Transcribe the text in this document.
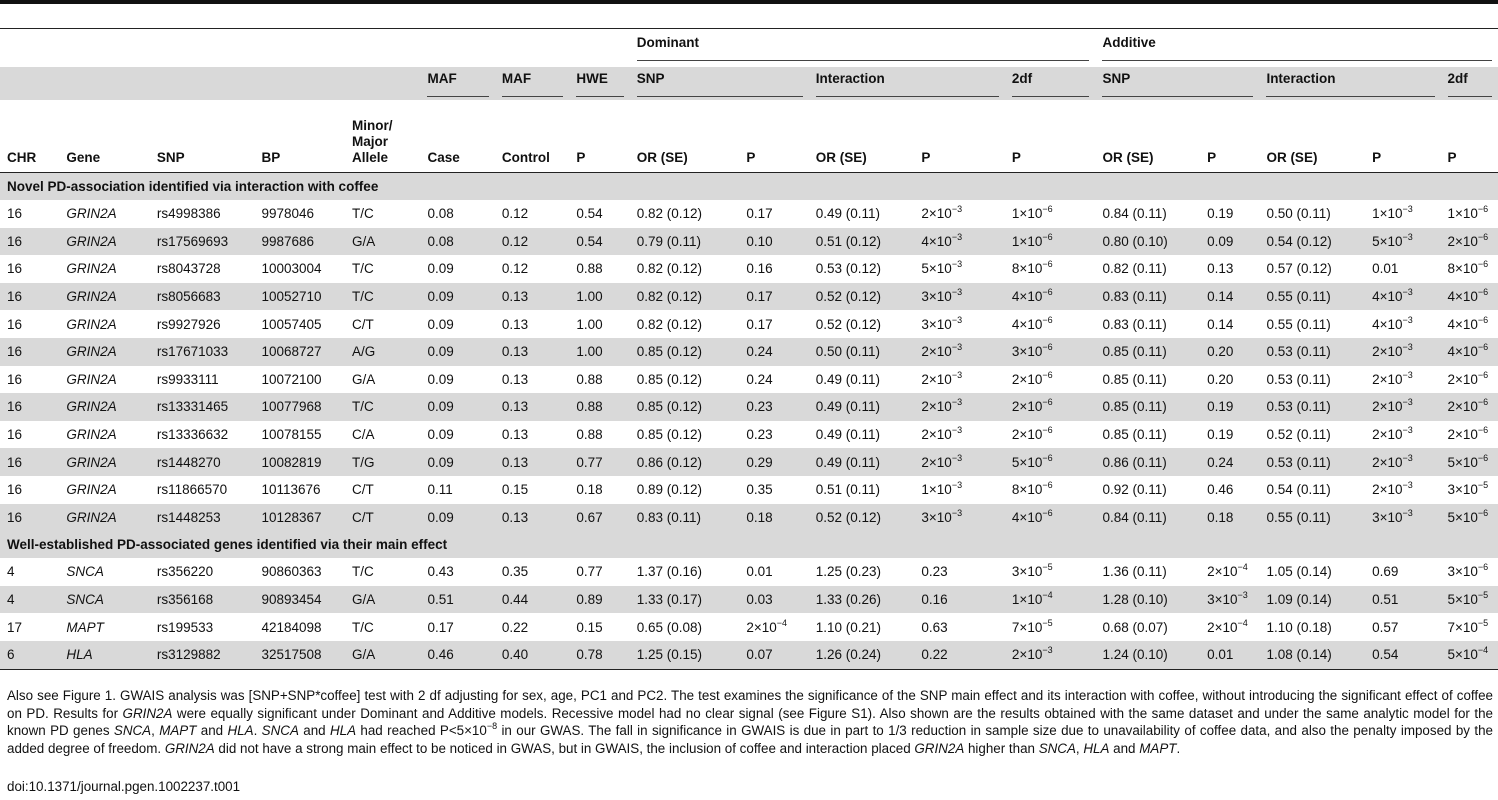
								Dominant					Additive				

					MAF	MAF	HWE	SNP		Interaction		2df	SNP		Interaction		2df

CHR	Gene	SNP	BP	Minor/
Major
Allele	Case	Control	P	OR (SE)	P	OR (SE)	P	P	OR (SE)	P	OR (SE)	P	P
Novel PD-association identified via interaction with coffee																	
16	GRIN2A	rs4998386	9978046	T/C	0.08	0.12	0.54	0.82 (0.12)	0.17	0.49 (0.11)	$2\times 10^{-3}$	$1\times 10^{-6}$	0.84 (0.11)	0.19	0.50 (0.11)	$1\times 10^{-3}$	$1\times 10^{-6}$
16	GRIN2A	rs17569693	9987686	G/A	0.08	0.12	0.54	0.79 (0.11)	0.10	0.51 (0.12)	$4\times 10^{-3}$	$1\times 10^{-6}$	0.80 (0.10)	0.09	0.54 (0.12)	$5\times 10^{-3}$	$2\times 10^{-6}$
16	GRIN2A	rs8043728	10003004	T/C	0.09	0.12	0.88	0.82 (0.12)	0.16	0.53 (0.12)	$5\times 10^{-3}$	$8\times 10^{-6}$	0.82 (0.11)	0.13	0.57 (0.12)	0.01	$8\times 10^{-6}$
16	GRIN2A	rs8056683	10052710	T/C	0.09	0.13	1.00	0.82 (0.12)	0.17	0.52 (0.12)	$3\times 10^{-3}$	$4\times 10^{-6}$	0.83 (0.11)	0.14	0.55 (0.11)	$4\times 10^{-3}$	$4\times 10^{-6}$
16	GRIN2A	rs9927926	10057405	C/T	0.09	0.13	1.00	0.82 (0.12)	0.17	0.52 (0.12)	$3\times 10^{-3}$	$4\times 10^{-6}$	0.83 (0.11)	0.14	0.55 (0.11)	$4\times 10^{-3}$	$4\times 10^{-6}$
16	GRIN2A	rs17671033	10068727	A/G	0.09	0.13	1.00	0.85 (0.12)	0.24	0.50 (0.11)	$2\times 10^{-3}$	$3\times 10^{-6}$	0.85 (0.11)	0.20	0.53 (0.11)	$2\times 10^{-3}$	$4\times 10^{-6}$
16	GRIN2A	rs9933111	10072100	G/A	0.09	0.13	0.88	0.85 (0.12)	0.24	0.49 (0.11)	$2\times 10^{-3}$	$2\times 10^{-6}$	0.85 (0.11)	0.20	0.53 (0.11)	$2\times 10^{-3}$	$2\times 10^{-6}$
16	GRIN2A	rs13331465	10077968	T/C	0.09	0.13	0.88	0.85 (0.12)	0.23	0.49 (0.11)	$2\times 10^{-3}$	$2\times 10^{-6}$	0.85 (0.11)	0.19	0.53 (0.11)	$2\times 10^{-3}$	$2\times 10^{-6}$
16	GRIN2A	rs13336632	10078155	C/A	0.09	0.13	0.88	0.85 (0.12)	0.23	0.49 (0.11)	$2\times 10^{-3}$	$2\times 10^{-6}$	0.85 (0.11)	0.19	0.52 (0.11)	$2\times 10^{-3}$	$2\times 10^{-6}$
16	GRIN2A	rs1448270	10082819	T/G	0.09	0.13	0.77	0.86 (0.12)	0.29	0.49 (0.11)	$2\times 10^{-3}$	$5\times 10^{-6}$	0.86 (0.11)	0.24	0.53 (0.11)	$2\times 10^{-3}$	$5\times 10^{-6}$
16	GRIN2A	rs11866570	10113676	C/T	0.11	0.15	0.18	0.89 (0.12)	0.35	0.51 (0.11)	$1\times 10^{-3}$	$8\times 10^{-6}$	0.92 (0.11)	0.46	0.54 (0.11)	$2\times 10^{-3}$	$3\times 10^{-5}$
16	GRIN2A	rs1448253	10128367	C/T	0.09	0.13	0.67	0.83 (0.11)	0.18	0.52 (0.12)	$3\times 10^{-3}$	$4\times 10^{-6}$	0.84 (0.11)	0.18	0.55 (0.11)	$3\times 10^{-3}$	$5\times 10^{-6}$
Well-established PD-associated genes identified via their main effect																	
4	SNCA	rs356220	90860363	T/C	0.43	0.35	0.77	1.37 (0.16)	0.01	1.25 (0.23)	0.23	$3\times 10^{-5}$	1.36 (0.11)	$2\times 10^{-4}$	1.05 (0.14)	0.69	$3\times 10^{-6}$
4	SNCA	rs356168	90893454	G/A	0.51	0.44	0.89	1.33 (0.17)	0.03	1.33 (0.26)	0.16	$1\times 10^{-4}$	1.28 (0.10)	$3\times 10^{-3}$	1.09 (0.14)	0.51	$5\times 10^{-5}$
17	MAPT	rs199533	42184098	T/C	0.17	0.22	0.15	0.65 (0.08)	$2\times 10^{-4}$	1.10 (0.21)	0.63	$7\times 10^{-5}$	0.68 (0.07)	$2\times 10^{-4}$	1.10 (0.18)	0.57	$7\times 10^{-5}$
6	HLA	rs3129882	32517508	G/A	0.46	0.40	0.78	1.25 (0.15)	0.07	1.26 (0.24)	0.22	$2\times 10^{-3}$	1.24 (0.10)	0.01	1.08 (0.14)	0.54	$5\times 10^{-4}$
Also see Figure 1. GWAIS analysis was [SNP+SNP*coffee] test with 2 df adjusting for sex, age, PC1 and PC2. The test examines the significance of the SNP main effect and its interaction with coffee, without introducing the significant effect of coffee on PD. Results for GRIN2A were equally significant under Dominant and Additive models. Recessive model had no clear signal (see Figure S1). Also shown are the results obtained with the same dataset and under the same analytic model for the known PD genes SNCA, MAPT and HLA. SNCA and HLA had reached $P<5\times 10^{-8}$ in our GWAS. The fall in significance in GWAIS is due in part to 1/3 reduction in sample size due to unavailability of coffee data, and also the penalty imposed by the added degree of freedom. GRIN2A did not have a strong main effect to be noticed in GWAS, but in GWAIS, the inclusion of coffee and interaction placed GRIN2A higher than SNCA, HLA and MAPT.
doi:10.1371/journal.pgen.1002237.t001
